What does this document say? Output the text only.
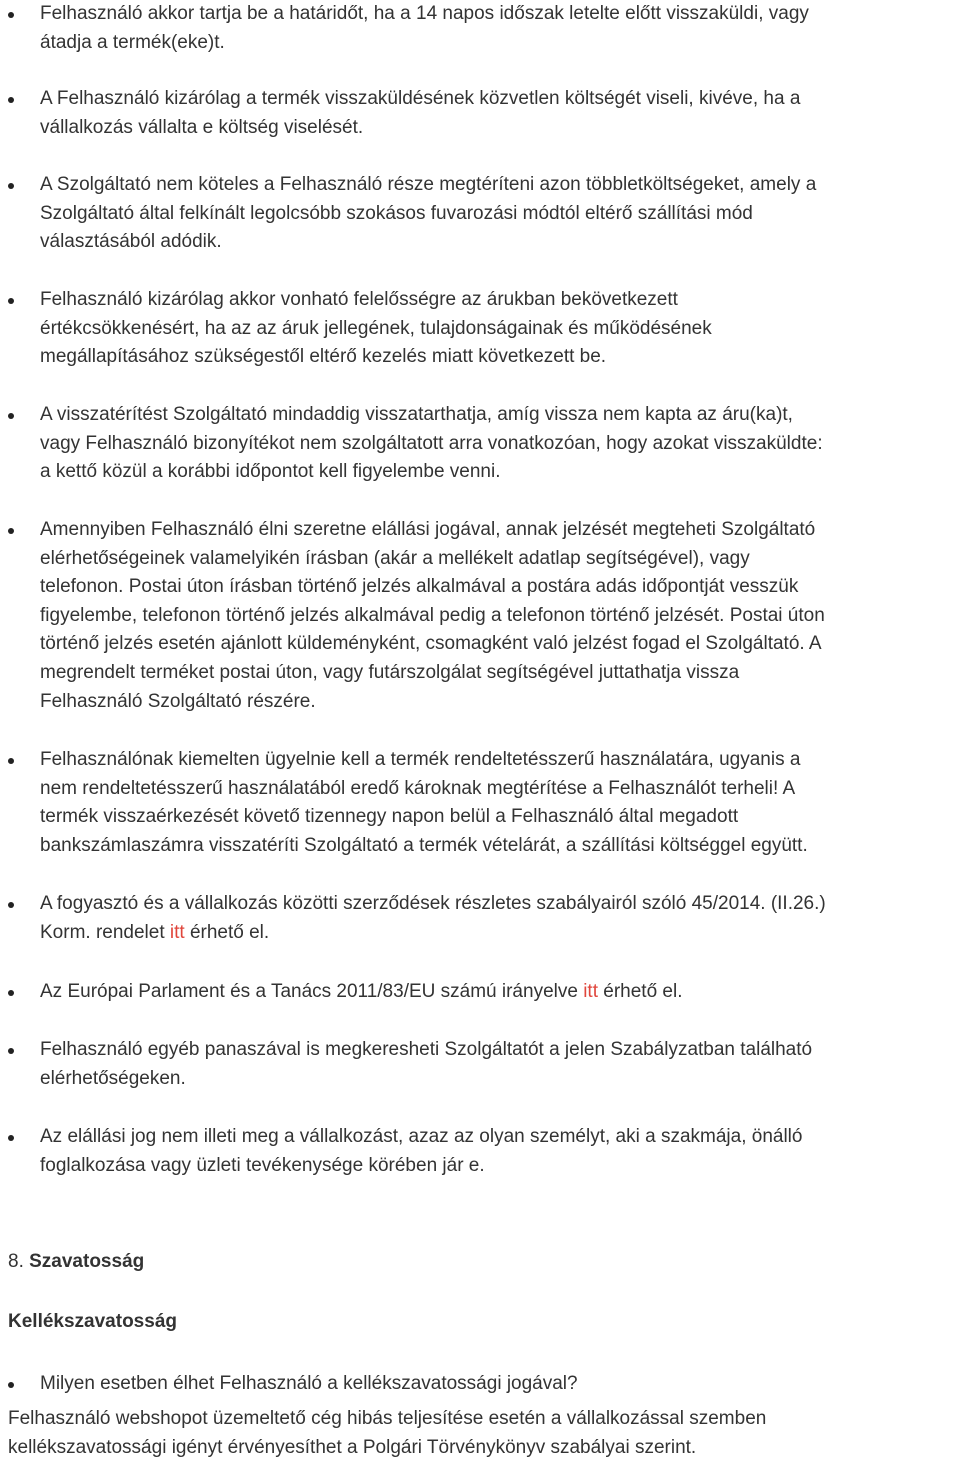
Felhasználó akkor tartja be a határidőt, ha a 14 napos időszak letelte előtt visszaküldi, vagy
átadja a termék(eke)t.
A Felhasználó kizárólag a termék visszaküldésének közvetlen költségét viseli, kivéve, ha a
vállalkozás vállalta e költség viselését.
A Szolgáltató nem köteles a Felhasználó része megtéríteni azon többletköltségeket, amely a
Szolgáltató által felkínált legolcsóbb szokásos fuvarozási módtól eltérő szállítási mód
választásából adódik.
Felhasználó kizárólag akkor vonható felelősségre az árukban bekövetkezett
értékcsökkenésért, ha az az áruk jellegének, tulajdonságainak és működésének
megállapításához szükségestől eltérő kezelés miatt következett be.
A visszatérítést Szolgáltató mindaddig visszatarthatja, amíg vissza nem kapta az áru(ka)t,
vagy Felhasználó bizonyítékot nem szolgáltatott arra vonatkozóan, hogy azokat visszaküldte:
a kettő közül a korábbi időpontot kell figyelembe venni.
Amennyiben Felhasználó élni szeretne elállási jogával, annak jelzését megteheti Szolgáltató
elérhetőségeinek valamelyikén írásban (akár a mellékelt adatlap segítségével), vagy
telefonon. Postai úton írásban történő jelzés alkalmával a postára adás időpontját vesszük
figyelembe, telefonon történő jelzés alkalmával pedig a telefonon történő jelzését. Postai úton
történő jelzés esetén ajánlott küldeményként, csomagként való jelzést fogad el Szolgáltató. A
megrendelt terméket postai úton, vagy futárszolgálat segítségével juttathatja vissza
Felhasználó Szolgáltató részére.
Felhasználónak kiemelten ügyelnie kell a termék rendeltetésszerű használatára, ugyanis a
nem rendeltetésszerű használatából eredő károknak megtérítése a Felhasználót terheli! A
termék visszaérkezését követő tizennegy napon belül a Felhasználó által megadott
bankszámlaszámra visszatéríti Szolgáltató a termék vételárát, a szállítási költséggel együtt.
A fogyasztó és a vállalkozás közötti szerződések részletes szabályairól szóló 45/2014. (II.26.)
Korm. rendelet itt érhető el.
Az Európai Parlament és a Tanács 2011/83/EU számú irányelve itt érhető el.
Felhasználó egyéb panaszával is megkeresheti Szolgáltatót a jelen Szabályzatban található
elérhetőségeken.
Az elállási jog nem illeti meg a vállalkozást, azaz az olyan személyt, aki a szakmája, önálló
foglalkozása vagy üzleti tevékenysége körében jár e.
8. Szavatosság
Kellékszavatosság
Milyen esetben élhet Felhasználó a kellékszavatossági jogával?
Felhasználó webshopot üzemeltető cég hibás teljesítése esetén a vállalkozással szemben
kellékszavatossági igényt érvényesíthet a Polgári Törvénykönyv szabályai szerint.
